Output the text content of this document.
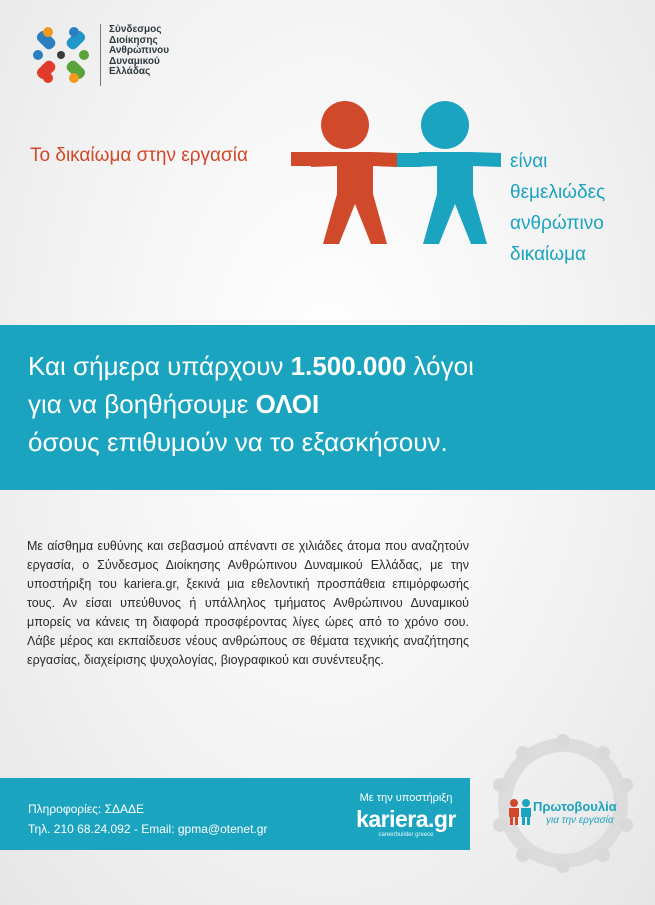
Σύνδεσμος
Διοίκησης
Ανθρώπινου
Δυναμικού
Ελλάδας
Το δικαίωμα στην εργασία	είναι
θεμελιώδες
ανθρώπινο
δικαίωμα
Και σήμερα υπάρχουν 1.500.000 λόγοι
για να βοηθήσουμε ΟΛΟΙ
όσους επιθυμούν να το εξασκήσουν.
Με αίσθημα ευθύνης και σεβασμού απέναντι σε χιλιάδες άτομα που αναζητούν εργασία, ο Σύνδεσμος Διοίκησης Ανθρώπινου Δυναμικού Ελλάδας, με την υποστήριξη του kariera.gr, ξεκινά μια εθελοντική προσπάθεια επιμόρφωσής τους. Αν είσαι υπεύθυνος ή υπάλληλος τμήματος Ανθρώπινου Δυναμικού μπορείς να κάνεις τη διαφορά προσφέροντας λίγες ώρες από το χρόνο σου. Λάβε μέρος και εκπαίδευσε νέους ανθρώπους σε θέματα τεχνικής αναζήτησης εργασίας, διαχείρισης ψυχολογίας, βιογραφικού και συνέντευξης.
Πληροφορίες: ΣΔΑΔΕ
Τηλ. 210 68.24.092 - Email: gpma@otenet.gr
Με την υποστήριξη
kariera.gr
careerbuilder greece
Πρωτοβουλία
για την εργασία
